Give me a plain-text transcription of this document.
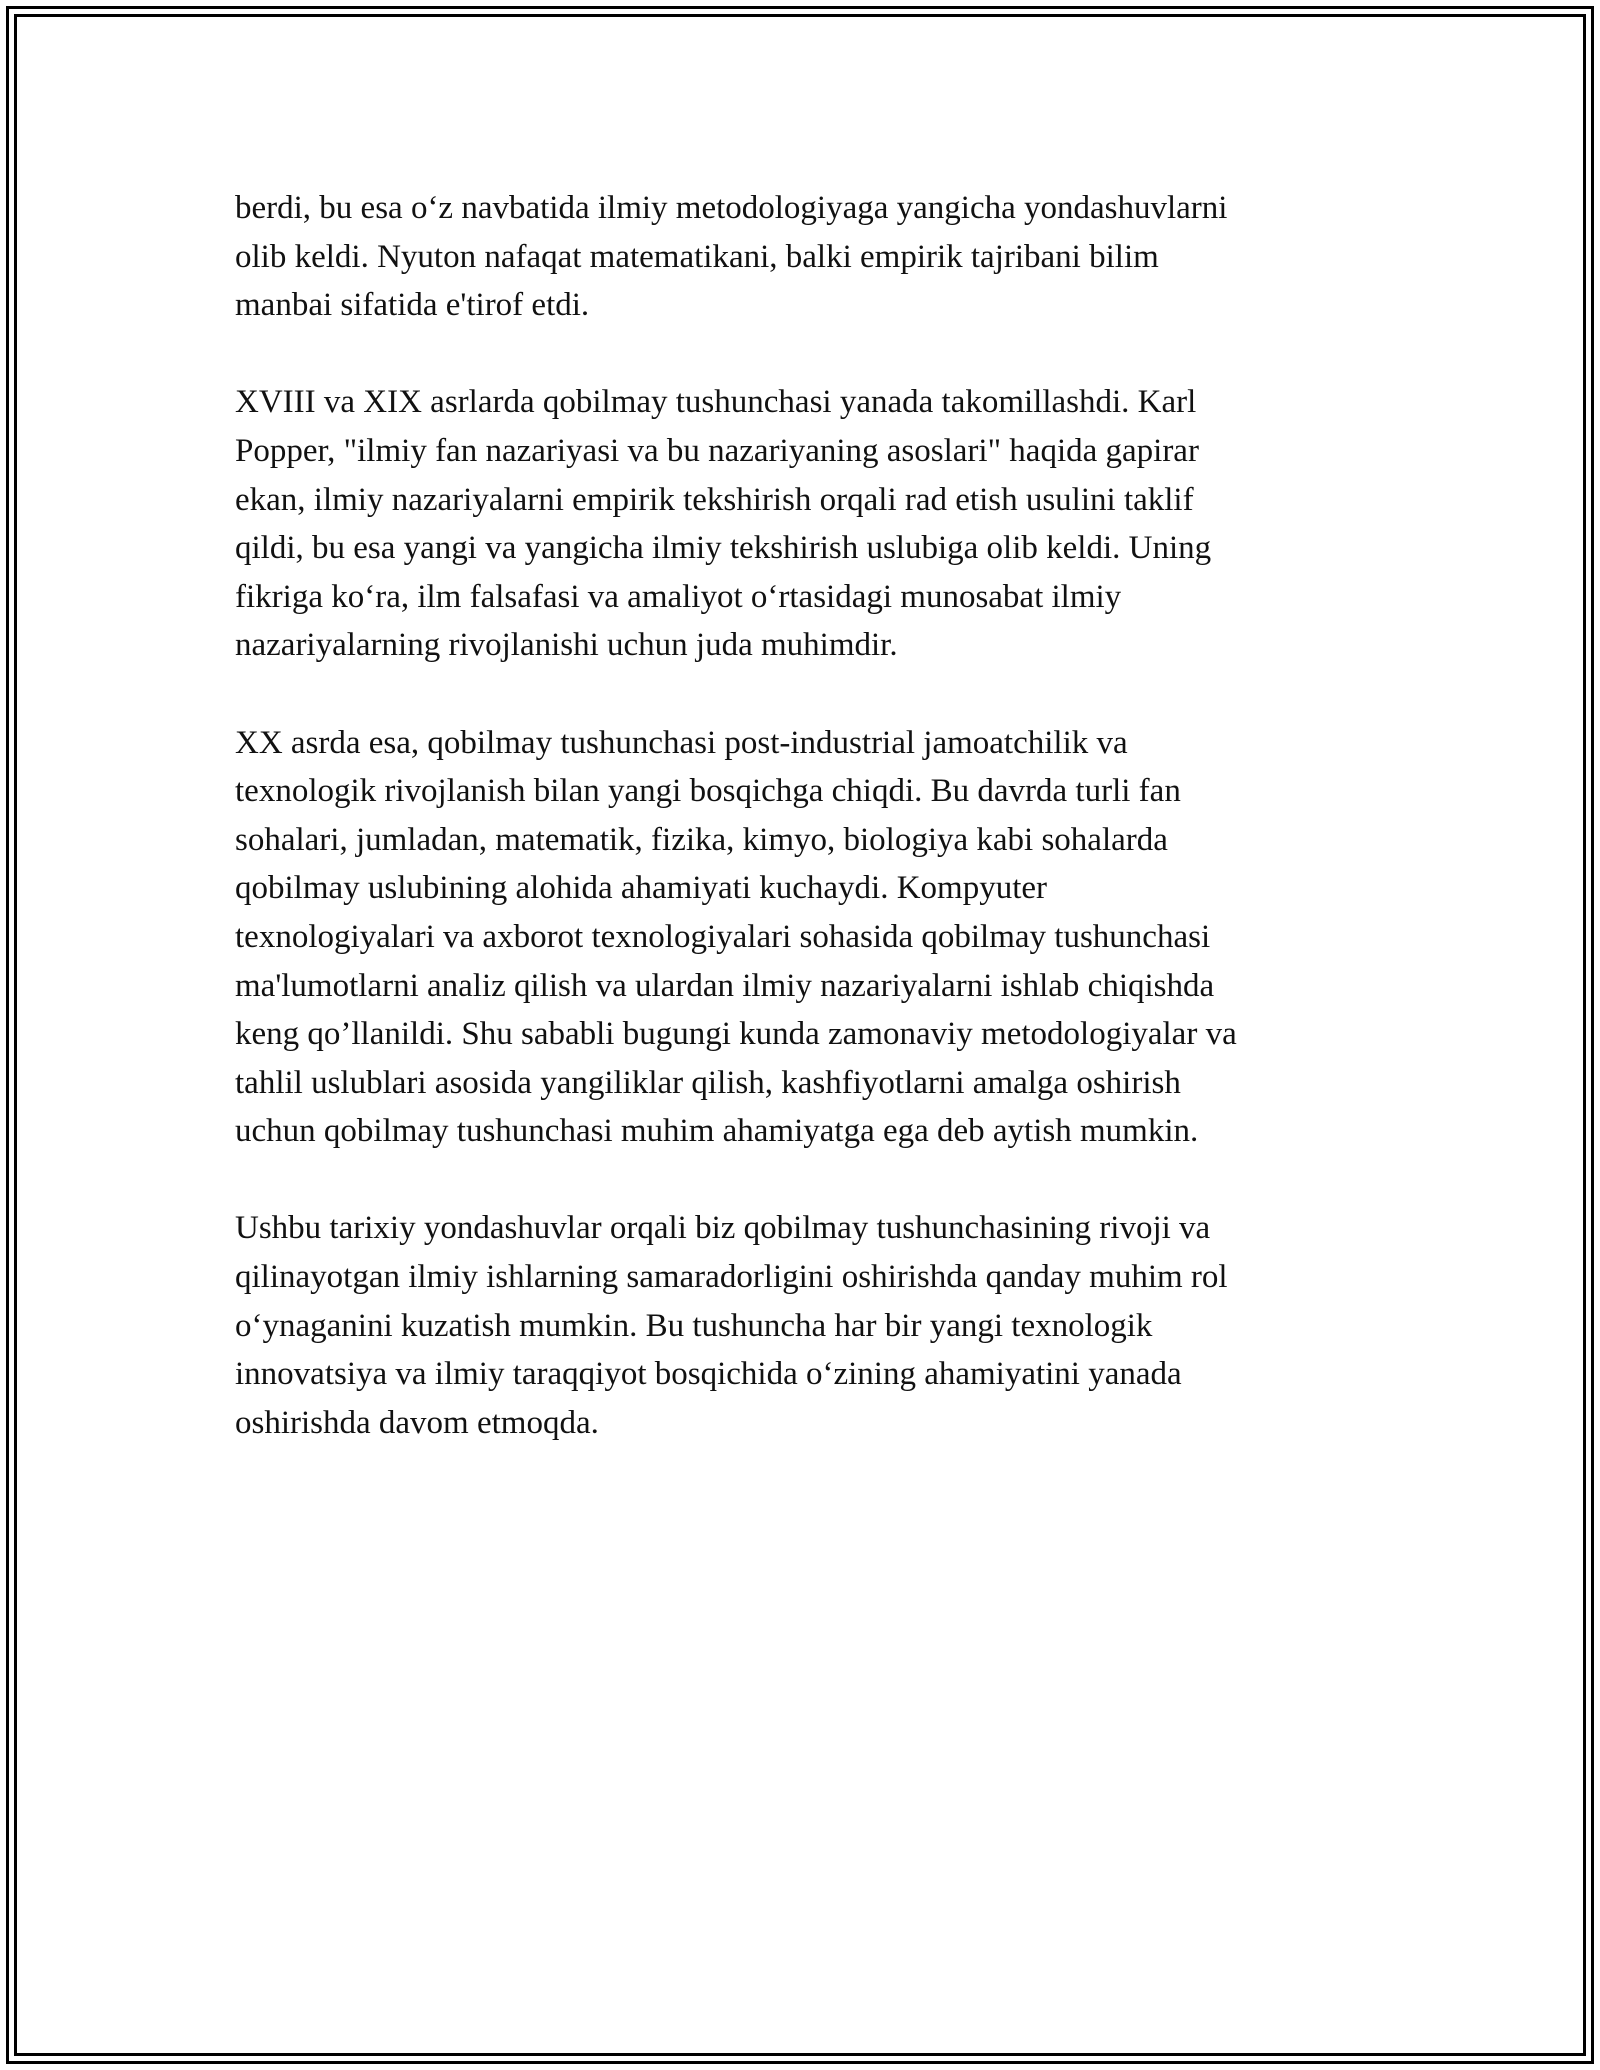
berdi, bu esa o‘z navbatida ilmiy metodologiyaga yangicha yondashuvlarni
olib keldi. Nyuton nafaqat matematikani, balki empirik tajribani bilim
manbai sifatida e'tirof etdi.

XVIII va XIX asrlarda qobilmay tushunchasi yanada takomillashdi. Karl
Popper, "ilmiy fan nazariyasi va bu nazariyaning asoslari" haqida gapirar
ekan, ilmiy nazariyalarni empirik tekshirish orqali rad etish usulini taklif
qildi, bu esa yangi va yangicha ilmiy tekshirish uslubiga olib keldi. Uning
fikriga ko‘ra, ilm falsafasi va amaliyot o‘rtasidagi munosabat ilmiy
nazariyalarning rivojlanishi uchun juda muhimdir.

XX asrda esa, qobilmay tushunchasi post-industrial jamoatchilik va
texnologik rivojlanish bilan yangi bosqichga chiqdi. Bu davrda turli fan
sohalari, jumladan, matematik, fizika, kimyo, biologiya kabi sohalarda
qobilmay uslubining alohida ahamiyati kuchaydi. Kompyuter
texnologiyalari va axborot texnologiyalari sohasida qobilmay tushunchasi
ma'lumotlarni analiz qilish va ulardan ilmiy nazariyalarni ishlab chiqishda
keng qo’llanildi. Shu sababli bugungi kunda zamonaviy metodologiyalar va
tahlil uslublari asosida yangiliklar qilish, kashfiyotlarni amalga oshirish
uchun qobilmay tushunchasi muhim ahamiyatga ega deb aytish mumkin.

Ushbu tarixiy yondashuvlar orqali biz qobilmay tushunchasining rivoji va
qilinayotgan ilmiy ishlarning samaradorligini oshirishda qanday muhim rol
o‘ynaganini kuzatish mumkin. Bu tushuncha har bir yangi texnologik
innovatsiya va ilmiy taraqqiyot bosqichida o‘zining ahamiyatini yanada
oshirishda davom etmoqda.
